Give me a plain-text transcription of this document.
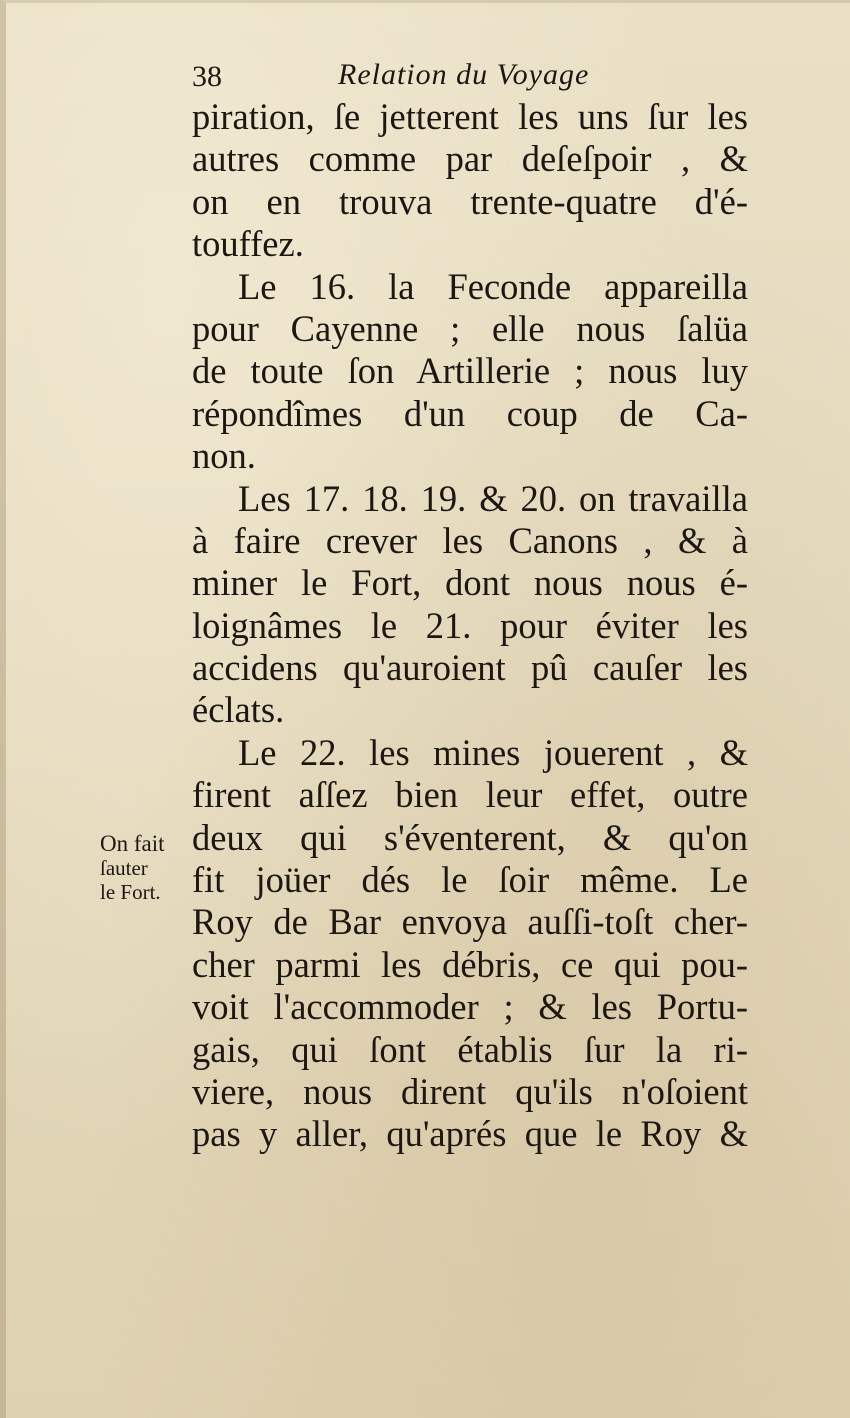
38	Relation du Voyage
piration, ſe jetterent les uns ſur les
autres comme par deſeſpoir , &
on en trouva trente-quatre d'é-
touffez.
Le 16. la Feconde appareilla
pour Cayenne ; elle nous ſalüa
de toute ſon Artillerie ; nous luy
répondîmes d'un coup de Ca-
non.
Les 17. 18. 19. & 20. on travailla
à faire crever les Canons , & à
miner le Fort, dont nous nous é-
loignâmes le 21. pour éviter les
accidens qu'auroient pû cauſer les
éclats.
Le 22. les mines jouerent , &
firent aſſez bien leur effet, outre
deux qui s'éventerent, & qu'on
fit joüer dés le ſoir même. Le
Roy de Bar envoya auſſi-toſt cher-
cher parmi les débris, ce qui pou-
voit l'accommoder ; & les Portu-
gais, qui ſont établis ſur la ri-
viere, nous dirent qu'ils n'oſoient
pas y aller, qu'aprés que le Roy &
On fait
ſauter
le Fort.
